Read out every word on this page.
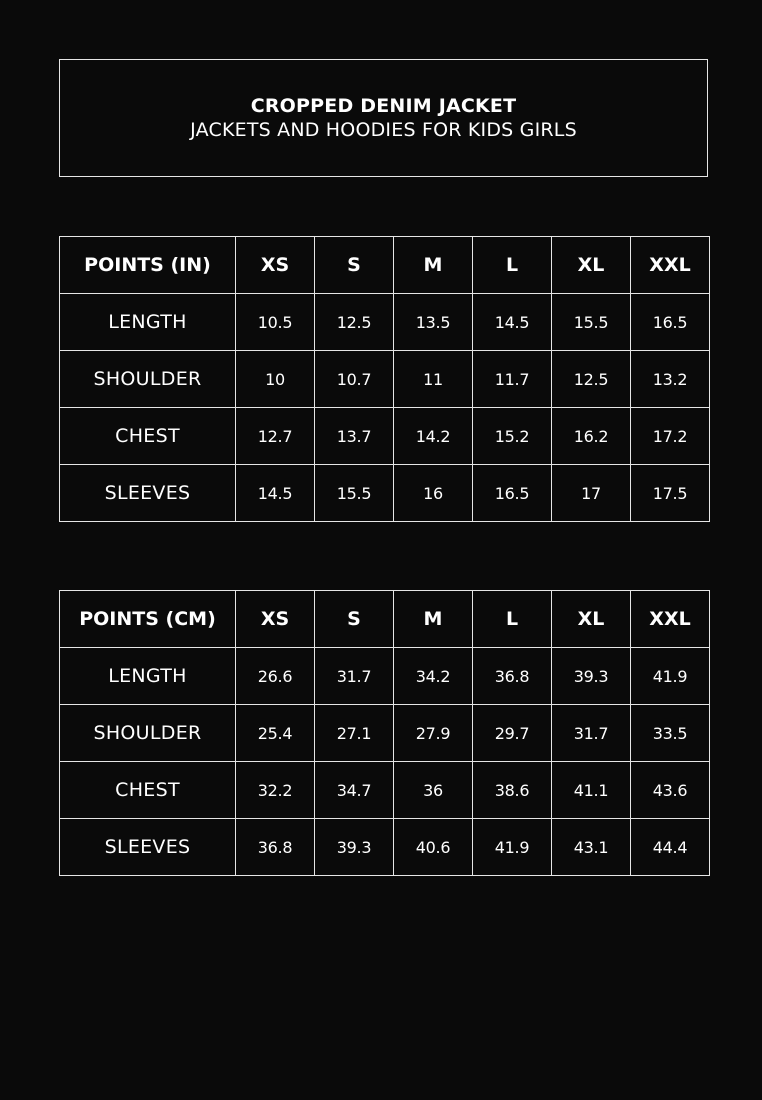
CROPPED DENIM JACKET
JACKETS AND HOODIES FOR KIDS GIRLS
POINTS (IN)	XS	S	M	L	XL	XXL
LENGTH	10.5	12.5	13.5	14.5	15.5	16.5
SHOULDER	10	10.7	11	11.7	12.5	13.2
CHEST	12.7	13.7	14.2	15.2	16.2	17.2
SLEEVES	14.5	15.5	16	16.5	17	17.5
POINTS (CM)	XS	S	M	L	XL	XXL
LENGTH	26.6	31.7	34.2	36.8	39.3	41.9
SHOULDER	25.4	27.1	27.9	29.7	31.7	33.5
CHEST	32.2	34.7	36	38.6	41.1	43.6
SLEEVES	36.8	39.3	40.6	41.9	43.1	44.4
